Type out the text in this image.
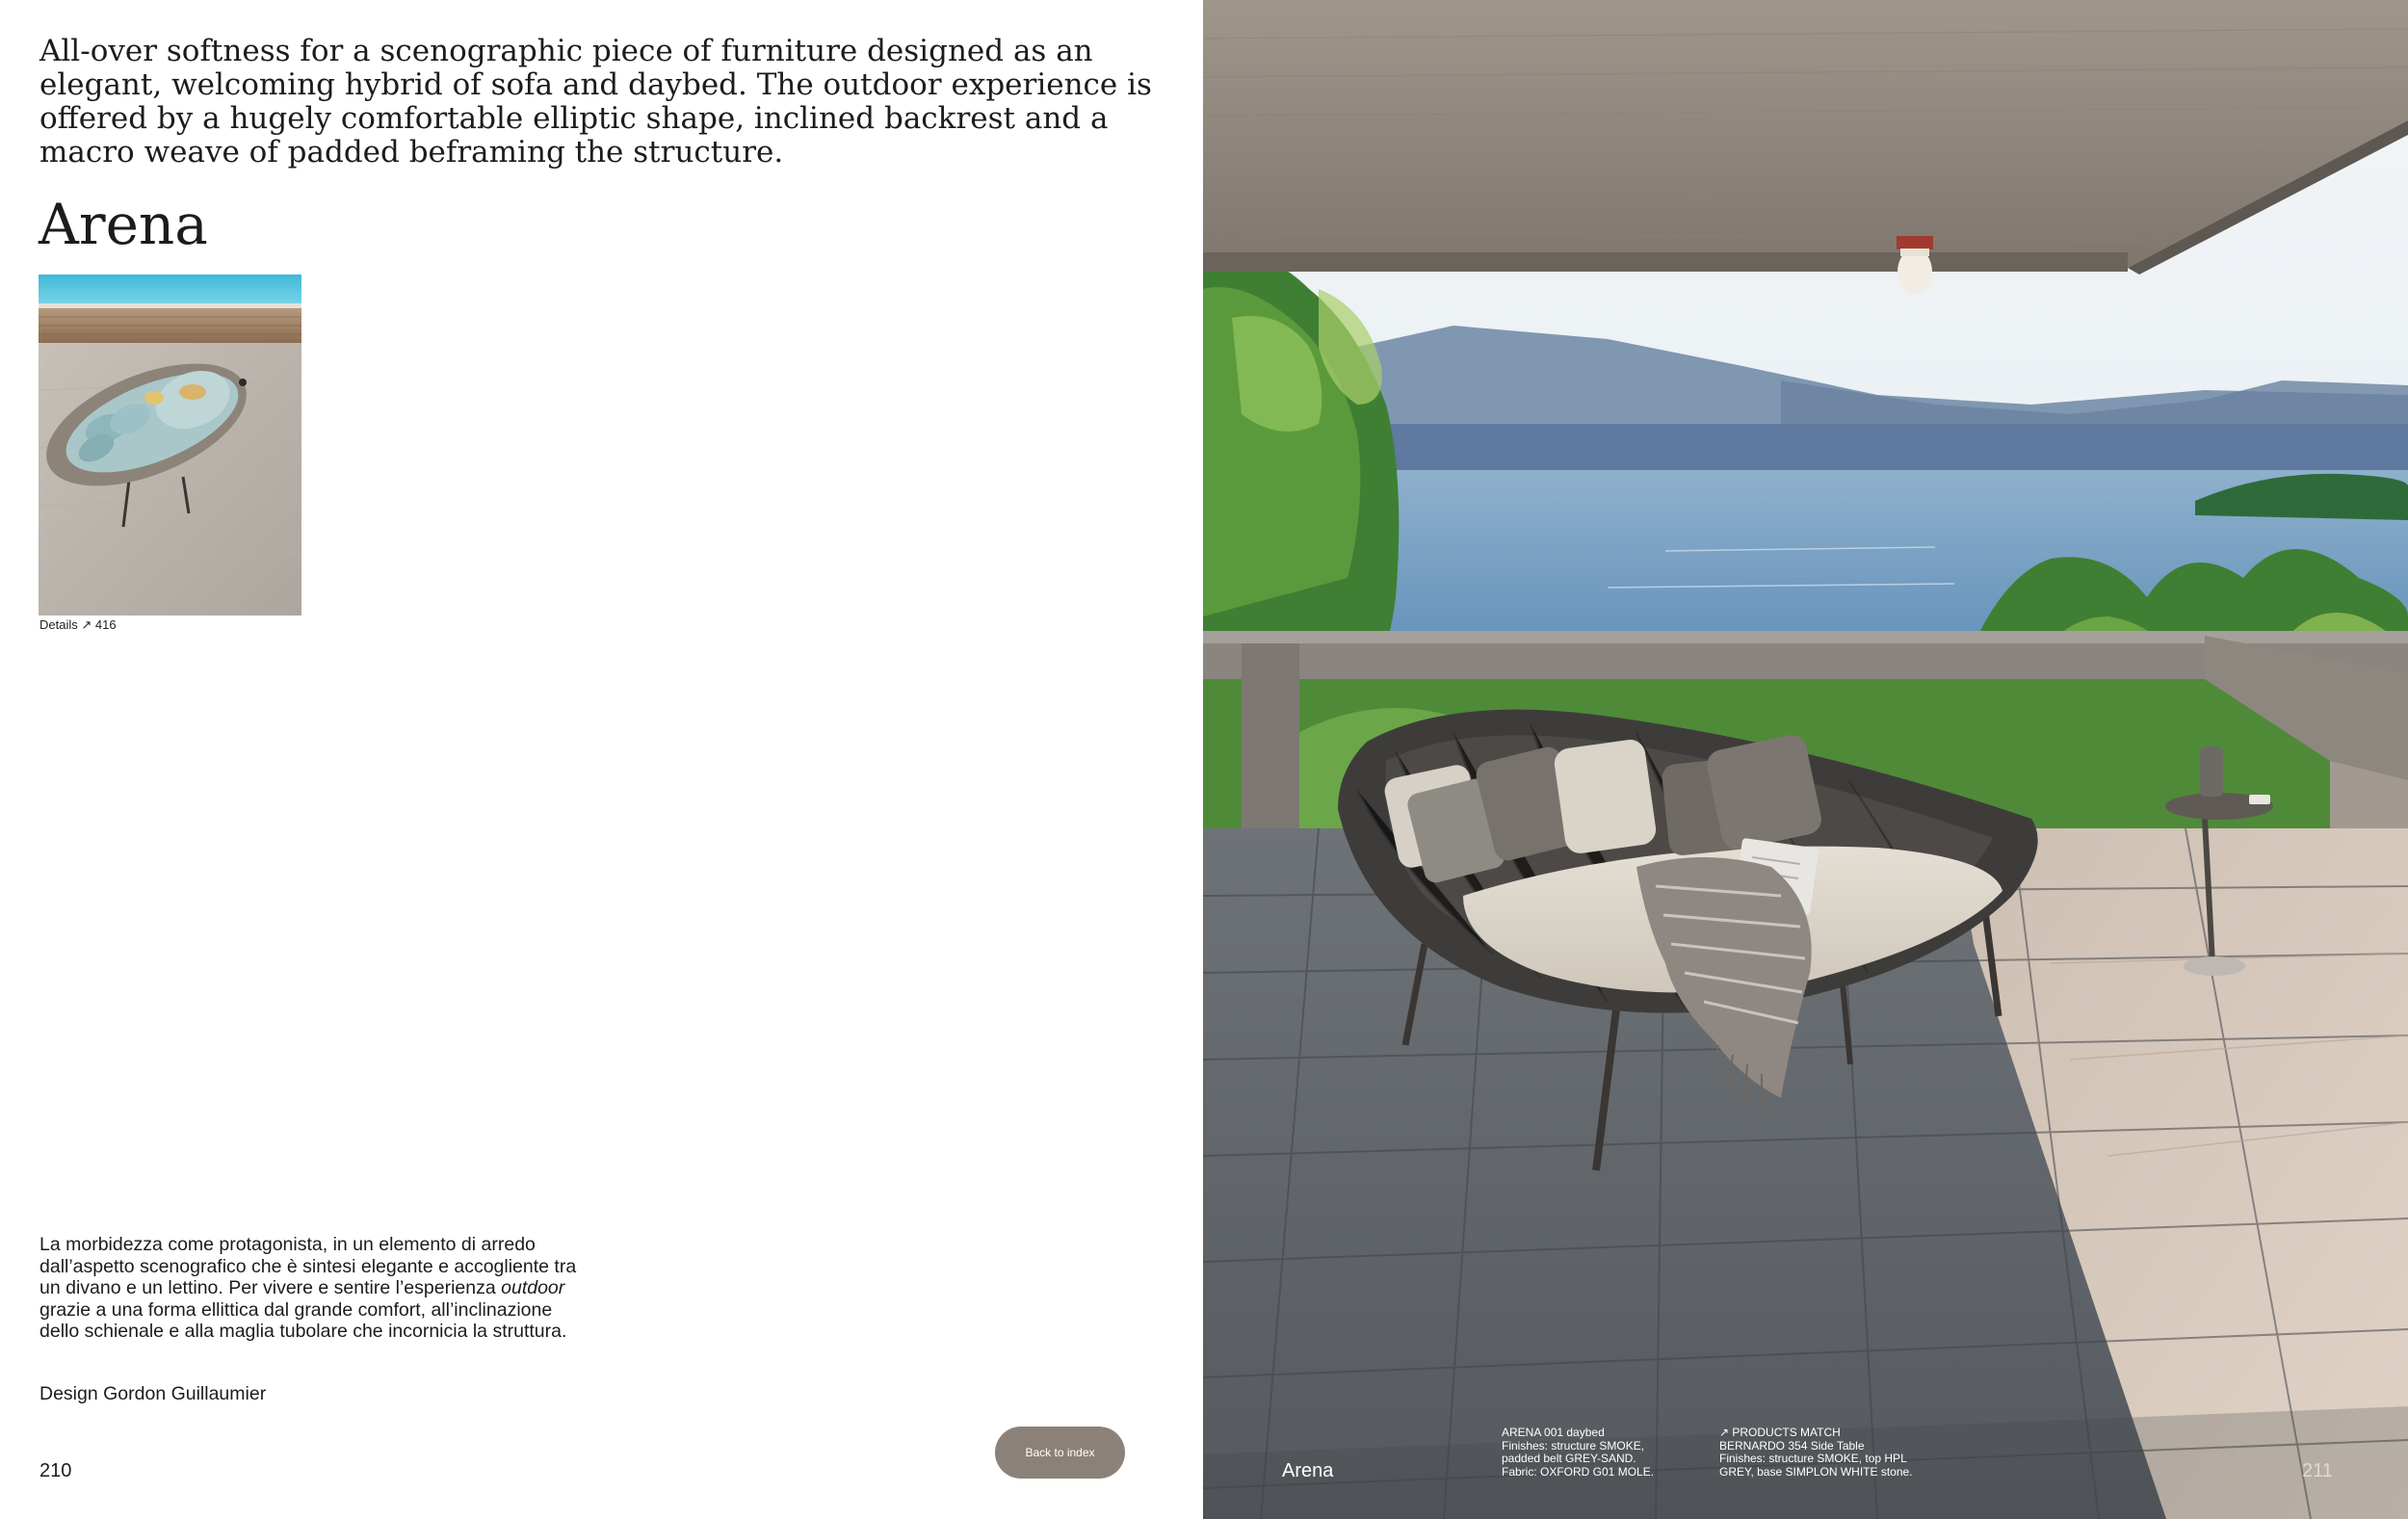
All-over softness for a scenographic piece of furniture designed as an elegant, welcoming hybrid of sofa and daybed. The outdoor experience is offered by a hugely comfortable elliptic shape, inclined backrest and a macro weave of padded beframing the structure.

Arena
Details ↗ 416

La morbidezza come protagonista, in un elemento di arredo dall’aspetto scenografico che è sintesi elegante e accogliente tra un divano e un lettino. Per vivere e sentire l’esperienza outdoor grazie a una forma ellittica dal grande comfort, all’inclinazione dello schienale e alla maglia tubolare che incornicia la struttura.

Design Gordon Guillaumier
210
Back to index
Arena
ARENA 001 daybed
Finishes: structure SMOKE,
padded belt GREY-SAND.
Fabric: OXFORD G01 MOLE.
↗ PRODUCTS MATCH
BERNARDO 354 Side Table
Finishes: structure SMOKE, top HPL
GREY, base SIMPLON WHITE stone.	211
